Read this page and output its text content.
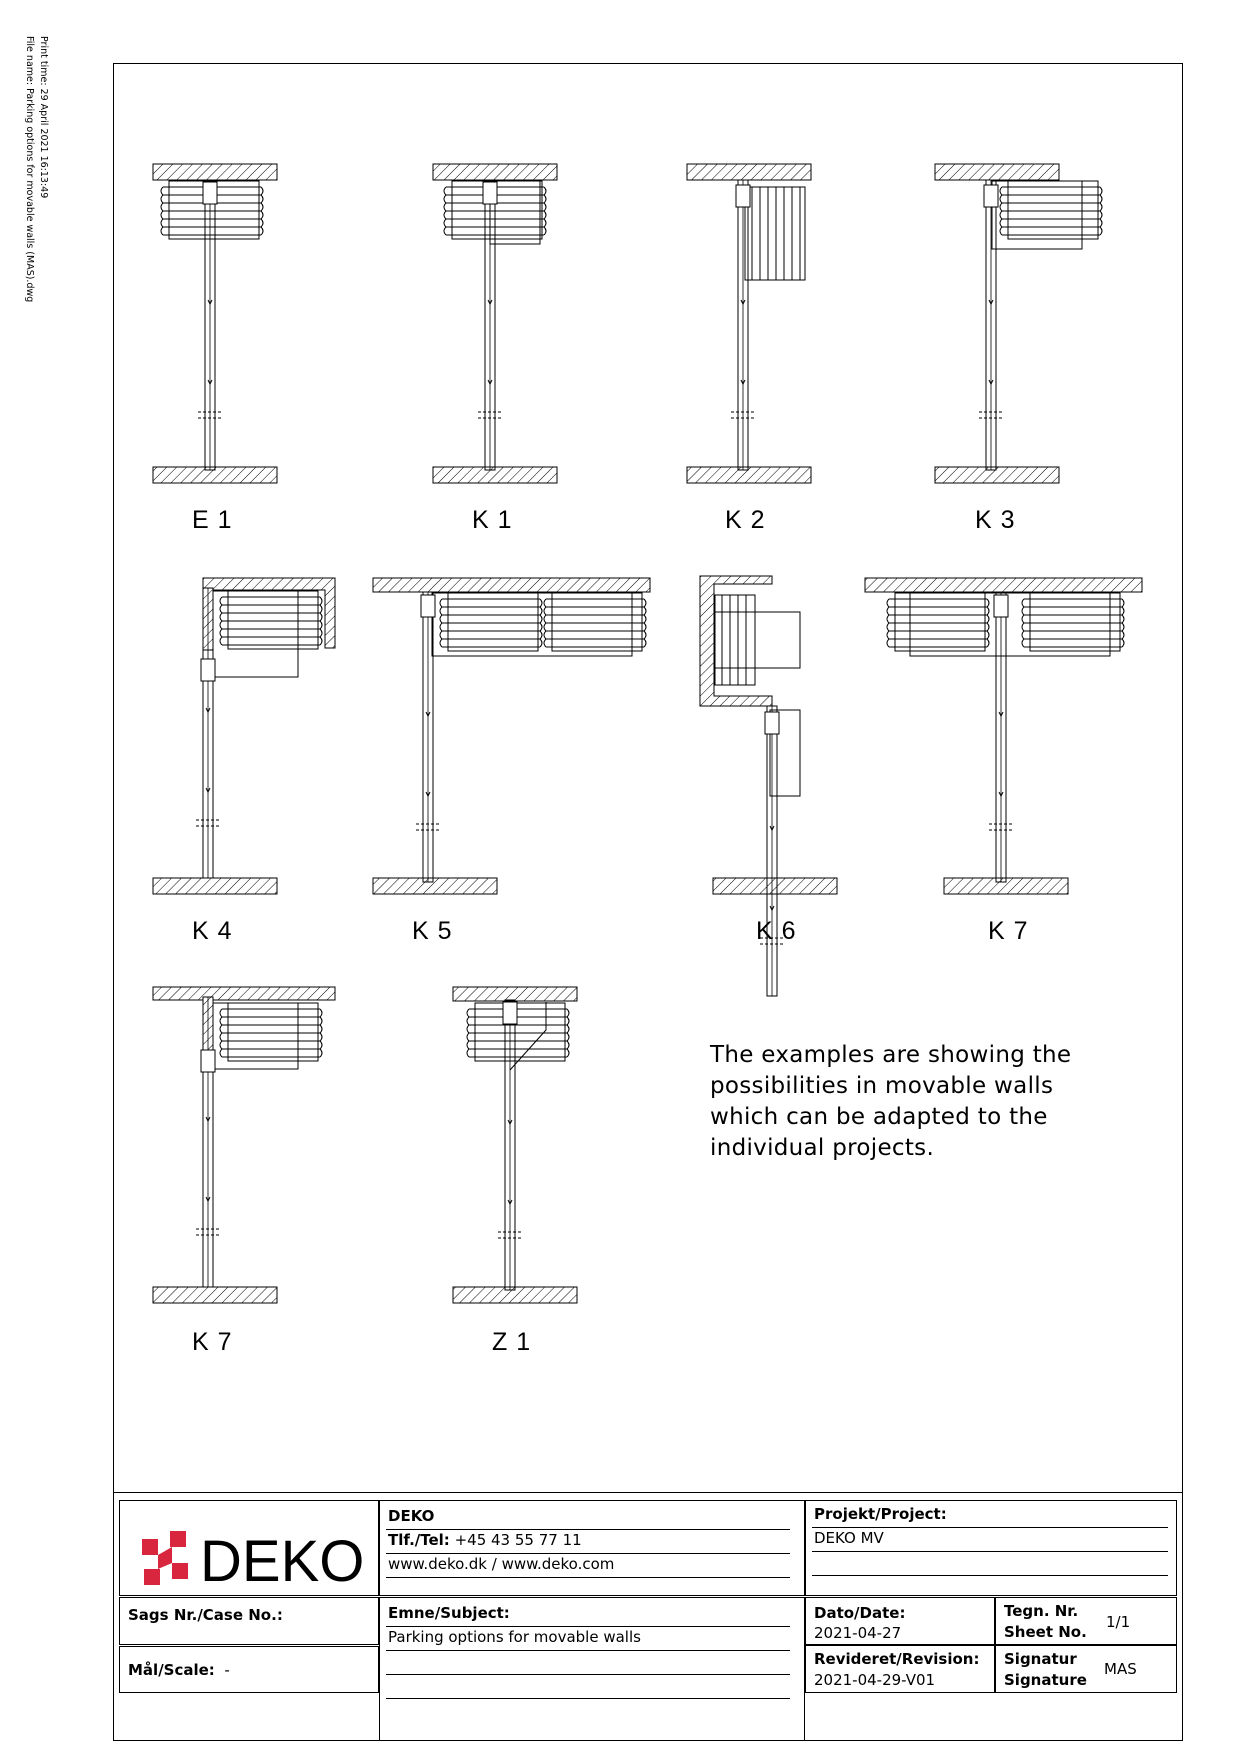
Print time: 29 April 2021 16:13:49
File name: Parking options for movable walls (MAS).dwg
E 1	K 1	K 2	K 3
K 4	K 5	K 6	K 7
K 7	Z 1
The examples are showing the
possibilities in movable walls
which can be adapted to the
individual projects.
DEKO
DEKO
Tlf./Tel: +45 43 55 77 11
www.deko.dk / www.deko.com
Projekt/Project:
DEKO MV
Sags Nr./Case No.:	Emne/Subject:
Parking options for movable walls
Mål/Scale: -
Dato/Date:
2021-04-27
Tegn. Nr.
Sheet No.
1/1
Revideret/Revision:
2021-04-29-V01
Signatur
Signature
MAS
